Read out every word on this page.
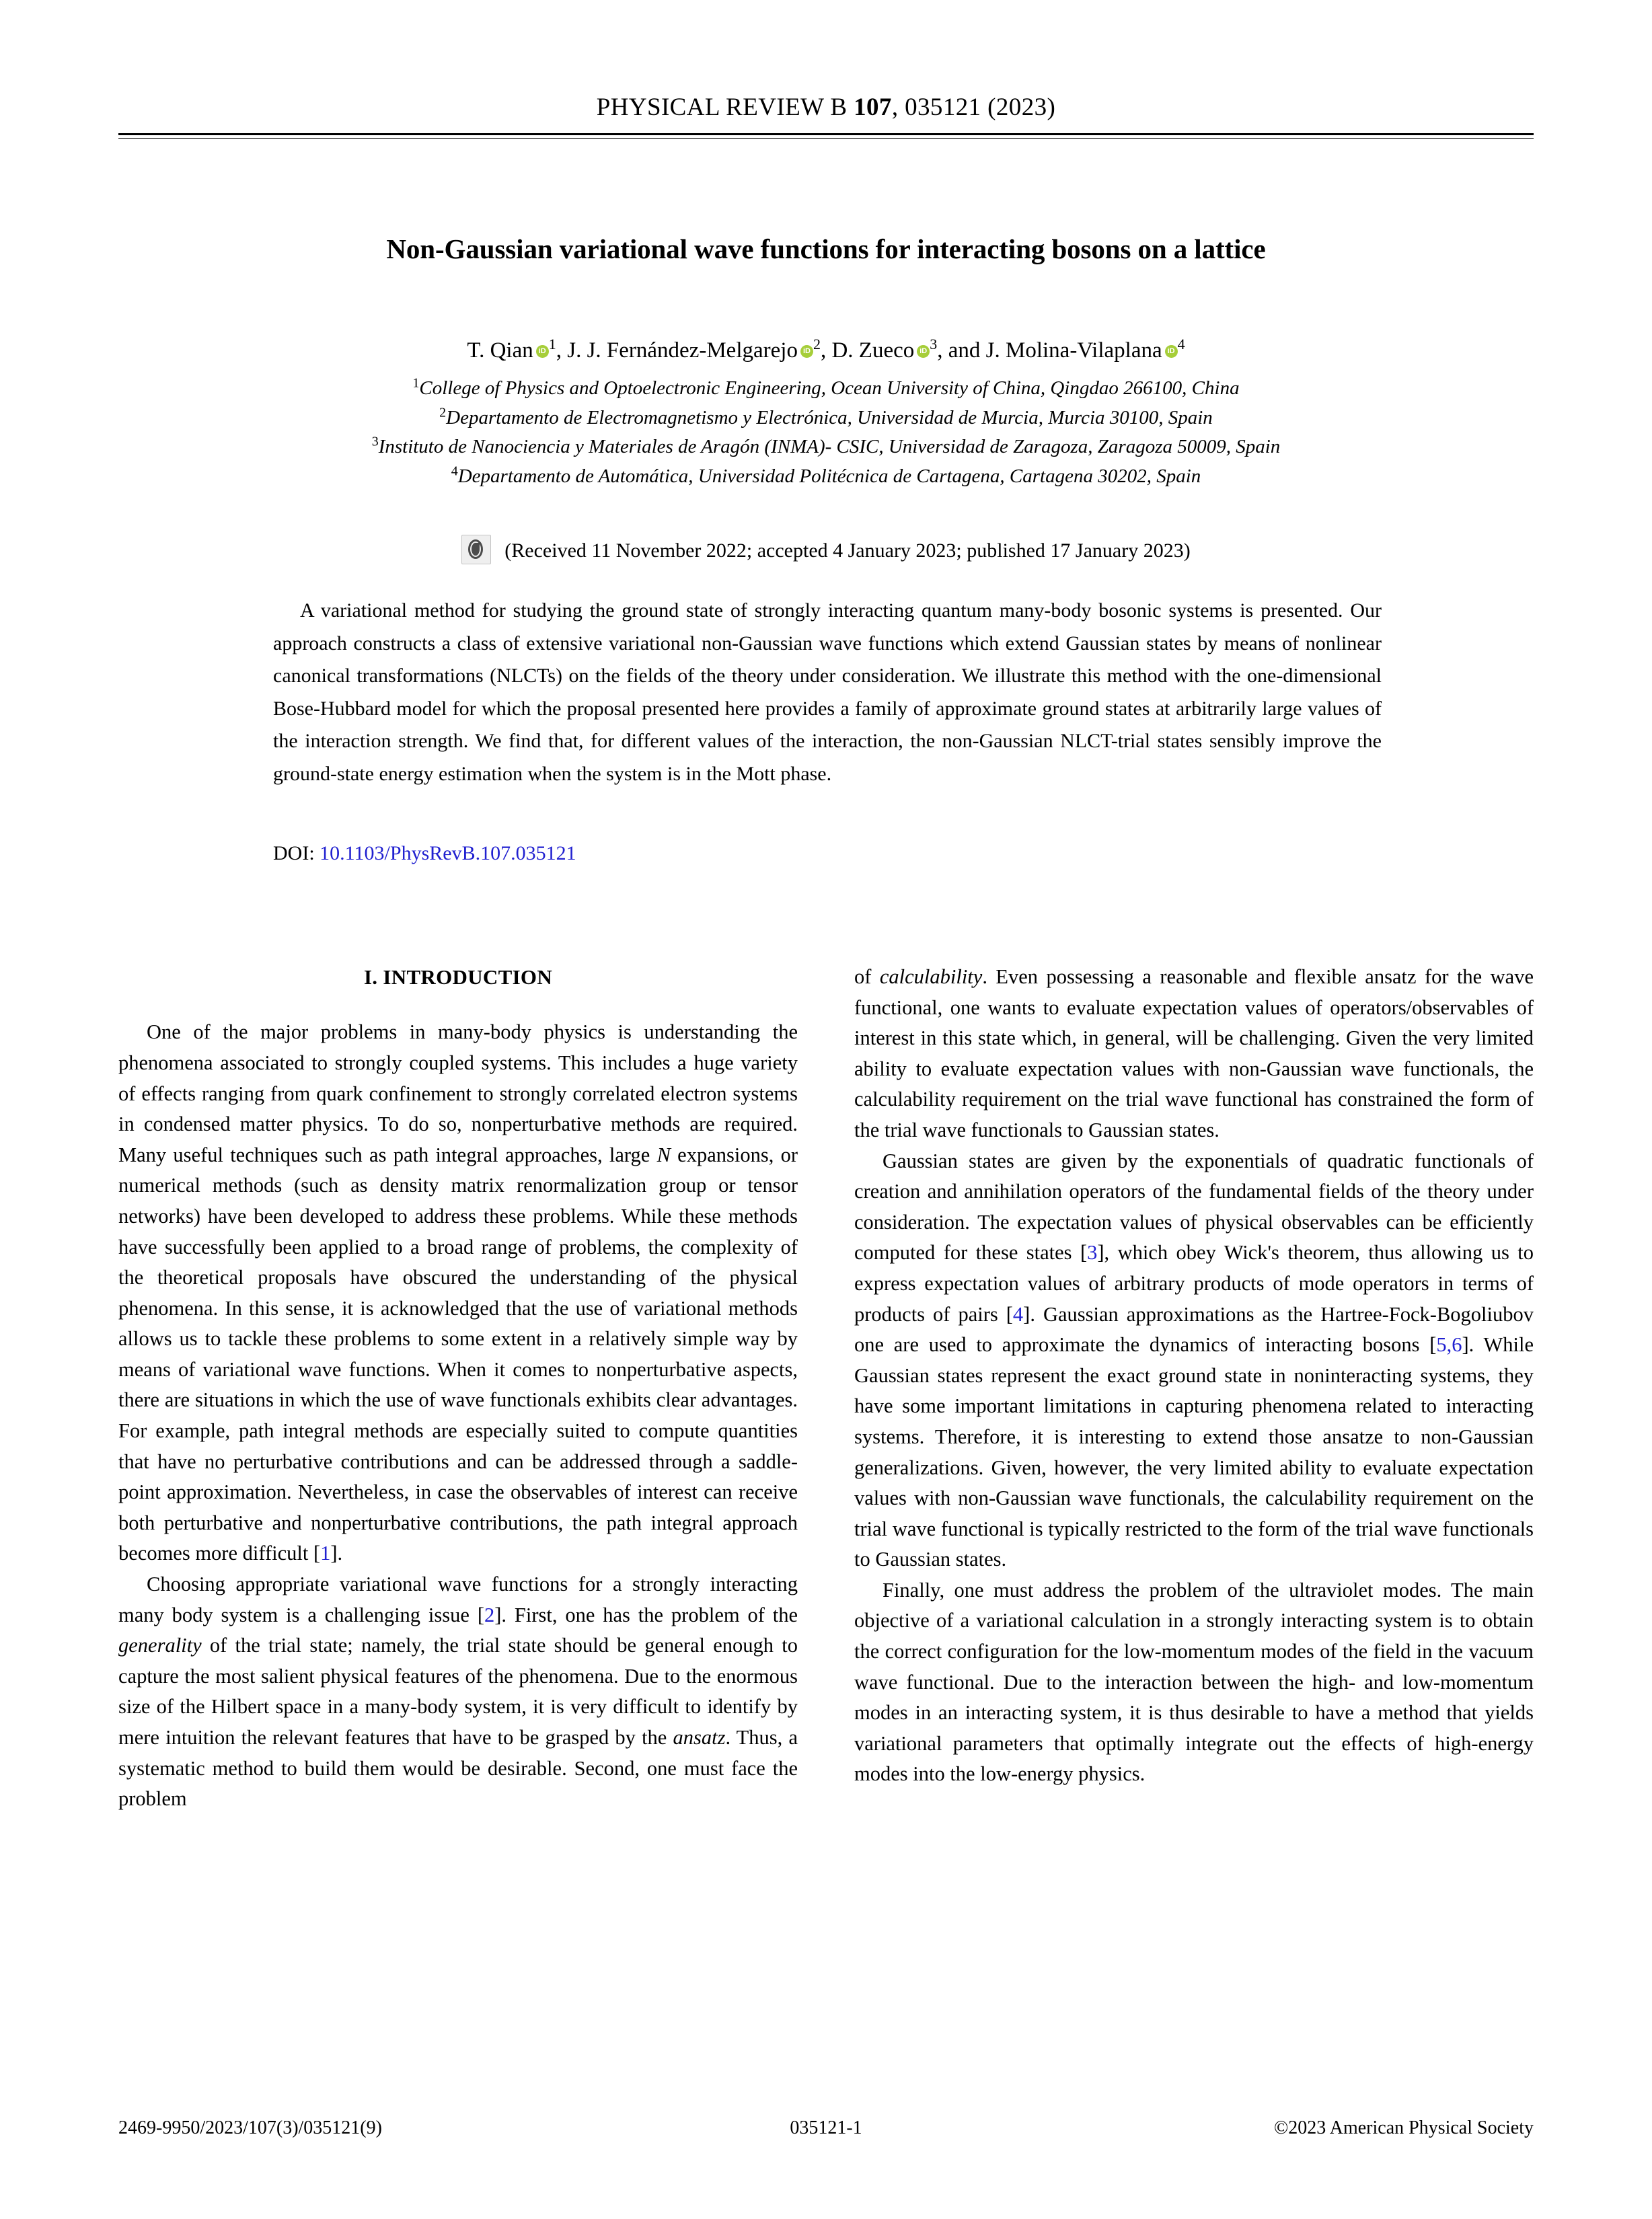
PHYSICAL REVIEW B 107, 035121 (2023)
Non-Gaussian variational wave functions for interacting bosons on a lattice
T. Qian iD $^1$, J. J. Fernández-Melgarejo iD $^2$, D. Zueco iD $^3$, and J. Molina-Vilaplana iD $^4$
$^1$College of Physics and Optoelectronic Engineering, Ocean University of China, Qingdao 266100, China
$^2$Departamento de Electromagnetismo y Electrónica, Universidad de Murcia, Murcia 30100, Spain
$^3$Instituto de Nanociencia y Materiales de Aragón (INMA)- CSIC, Universidad de Zaragoza, Zaragoza 50009, Spain
$^4$Departamento de Automática, Universidad Politécnica de Cartagena, Cartagena 30202, Spain
(Received 11 November 2022; accepted 4 January 2023; published 17 January 2023)
A variational method for studying the ground state of strongly interacting quantum many-body bosonic systems is presented. Our approach constructs a class of extensive variational non-Gaussian wave functions which extend Gaussian states by means of nonlinear canonical transformations (NLCTs) on the fields of the theory under consideration. We illustrate this method with the one-dimensional Bose-Hubbard model for which the proposal presented here provides a family of approximate ground states at arbitrarily large values of the interaction strength. We find that, for different values of the interaction, the non-Gaussian NLCT-trial states sensibly improve the ground-state energy estimation when the system is in the Mott phase.
DOI: 10.1103/PhysRevB.107.035121
I. INTRODUCTION

One of the major problems in many-body physics is understanding the phenomena associated to strongly coupled systems. This includes a huge variety of effects ranging from quark confinement to strongly correlated electron systems in condensed matter physics. To do so, nonperturbative methods are required. Many useful techniques such as path integral approaches, large N expansions, or numerical methods (such as density matrix renormalization group or tensor networks) have been developed to address these problems. While these methods have successfully been applied to a broad range of problems, the complexity of the theoretical proposals have obscured the understanding of the physical phenomena. In this sense, it is acknowledged that the use of variational methods allows us to tackle these problems to some extent in a relatively simple way by means of variational wave functions. When it comes to nonperturbative aspects, there are situations in which the use of wave functionals exhibits clear advantages. For example, path integral methods are especially suited to compute quantities that have no perturbative contributions and can be addressed through a saddle-point approximation. Nevertheless, in case the observables of interest can receive both perturbative and nonperturbative contributions, the path integral approach becomes more difficult [1].

Choosing appropriate variational wave functions for a strongly interacting many body system is a challenging issue [2]. First, one has the problem of the generality of the trial state; namely, the trial state should be general enough to capture the most salient physical features of the phenomena. Due to the enormous size of the Hilbert space in a many-body system, it is very difficult to identify by mere intuition the relevant features that have to be grasped by the ansatz. Thus, a systematic method to build them would be desirable. Second, one must face the problem

of calculability. Even possessing a reasonable and flexible ansatz for the wave functional, one wants to evaluate expectation values of operators/observables of interest in this state which, in general, will be challenging. Given the very limited ability to evaluate expectation values with non-Gaussian wave functionals, the calculability requirement on the trial wave functional has constrained the form of the trial wave functionals to Gaussian states.

Gaussian states are given by the exponentials of quadratic functionals of creation and annihilation operators of the fundamental fields of the theory under consideration. The expectation values of physical observables can be efficiently computed for these states [3], which obey Wick's theorem, thus allowing us to express expectation values of arbitrary products of mode operators in terms of products of pairs [4]. Gaussian approximations as the Hartree-Fock-Bogoliubov one are used to approximate the dynamics of interacting bosons [5,6]. While Gaussian states represent the exact ground state in noninteracting systems, they have some important limitations in capturing phenomena related to interacting systems. Therefore, it is interesting to extend those ansatze to non-Gaussian generalizations. Given, however, the very limited ability to evaluate expectation values with non-Gaussian wave functionals, the calculability requirement on the trial wave functional is typically restricted to the form of the trial wave functionals to Gaussian states.

Finally, one must address the problem of the ultraviolet modes. The main objective of a variational calculation in a strongly interacting system is to obtain the correct configuration for the low-momentum modes of the field in the vacuum wave functional. Due to the interaction between the high- and low-momentum modes in an interacting system, it is thus desirable to have a method that yields variational parameters that optimally integrate out the effects of high-energy modes into the low-energy physics.

2469-9950/2023/107(3)/035121(9)	035121-1	©2023 American Physical Society
